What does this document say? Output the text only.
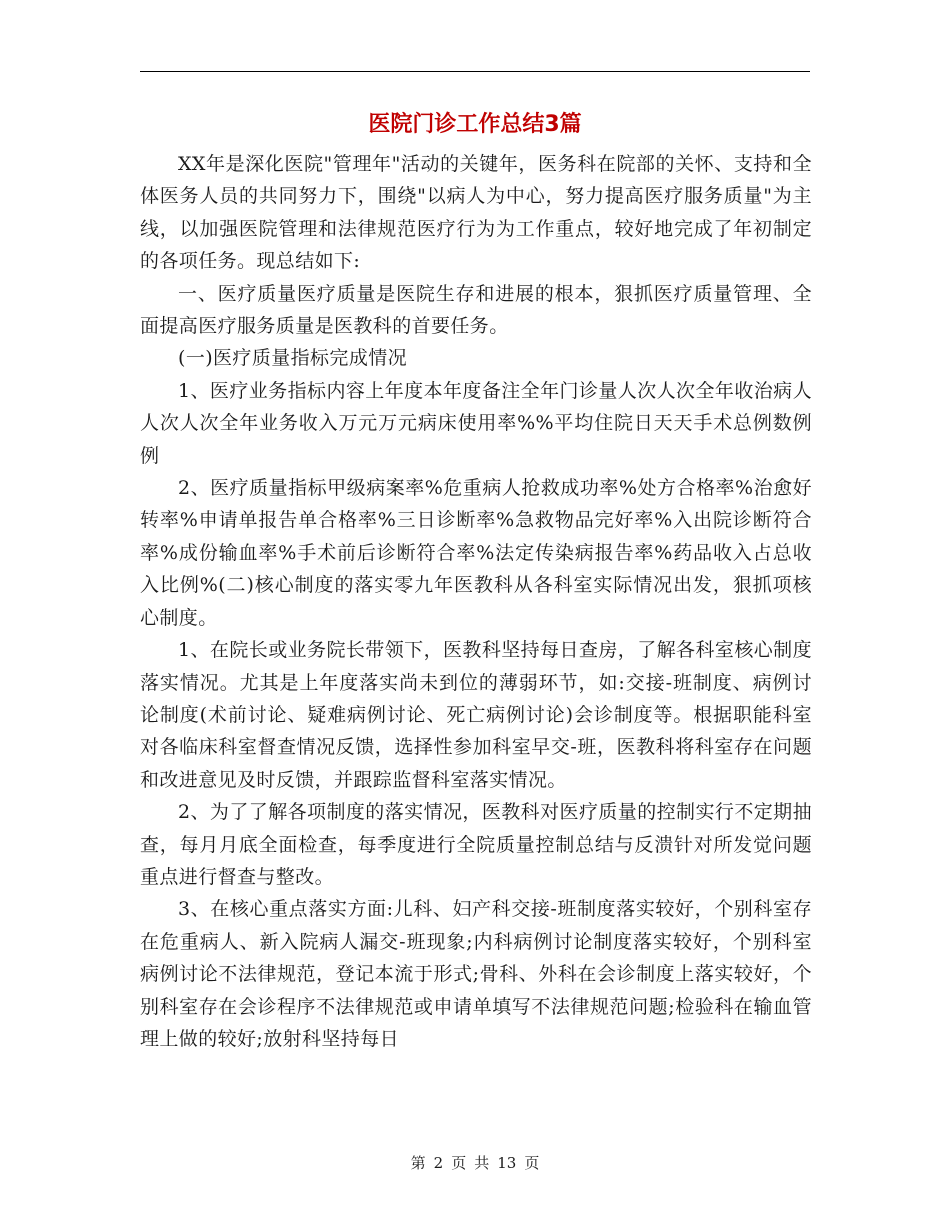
医院门诊工作总结3篇

XX年是深化医院"管理年"活动的关键年，医务科在院部的关怀、支持和全体医务人员的共同努力下，围绕"以病人为中心，努力提高医疗服务质量"为主线，以加强医院管理和法律规范医疗行为为工作重点，较好地完成了年初制定的各项任务。现总结如下:

一、医疗质量医疗质量是医院生存和进展的根本，狠抓医疗质量管理、全面提高医疗服务质量是医教科的首要任务。

(一)医疗质量指标完成情况

1、医疗业务指标内容上年度本年度备注全年门诊量人次人次全年收治病人人次人次全年业务收入万元万元病床使用率%%平均住院日天天手术总例数例例

2、医疗质量指标甲级病案率%危重病人抢救成功率%处方合格率%治愈好转率%申请单报告单合格率%三日诊断率%急救物品完好率%入出院诊断符合率%成份输血率%手术前后诊断符合率%法定传染病报告率%药品收入占总收入比例%(二)核心制度的落实零九年医教科从各科室实际情况出发，狠抓项核心制度。

1、在院长或业务院长带领下，医教科坚持每日查房，了解各科室核心制度落实情况。尤其是上年度落实尚未到位的薄弱环节，如:交接-班制度、病例讨论制度(术前讨论、疑难病例讨论、死亡病例讨论)会诊制度等。根据职能科室对各临床科室督查情况反馈，选择性参加科室早交-班，医教科将科室存在问题和改进意见及时反馈，并跟踪监督科室落实情况。

2、为了了解各项制度的落实情况，医教科对医疗质量的控制实行不定期抽查，每月月底全面检查，每季度进行全院质量控制总结与反溃针对所发觉问题重点进行督查与整改。

3、在核心重点落实方面:儿科、妇产科交接-班制度落实较好，个别科室存在危重病人、新入院病人漏交-班现象;内科病例讨论制度落实较好，个别科室病例讨论不法律规范，登记本流于形式;骨科、外科在会诊制度上落实较好，个别科室存在会诊程序不法律规范或申请单填写不法律规范问题;检验科在输血管理上做的较好;放射科坚持每日

第 2 页 共 13 页
